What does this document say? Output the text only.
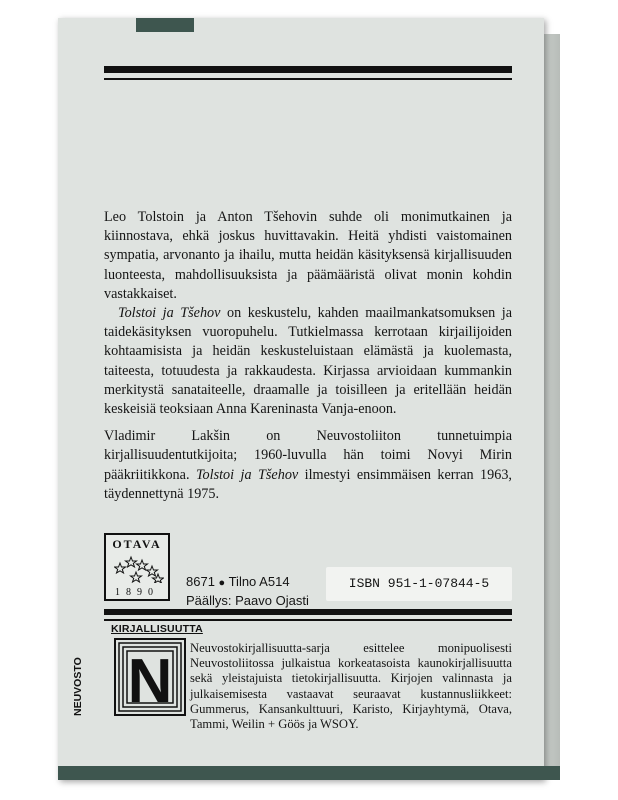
Leo Tolstoin ja Anton Tšehovin suhde oli monimutkainen ja kiinnostava, ehkä joskus huvittavakin. Heitä yhdisti vaistomainen sympatia, arvonanto ja ihailu, mutta heidän käsityksensä kirjallisuuden luonteesta, mahdollisuuksista ja päämääristä olivat monin kohdin vastakkaiset.

Tolstoi ja Tšehov on keskustelu, kahden maailmankatsomuksen ja taidekäsityksen vuoropuhelu. Tutkielmassa kerrotaan kirjailijoiden kohtaamisista ja heidän keskusteluistaan elämästä ja kuolemasta, taiteesta, totuudesta ja rakkaudesta. Kirjassa arvioidaan kummankin merkitystä sanataiteelle, draamalle ja toisilleen ja eritellään heidän keskeisiä teoksiaan Anna Kareninasta Vanja-enoon.

Vladimir Lakšin on Neuvostoliiton tunnetuimpia kirjallisuudentutkijoita; 1960-luvulla hän toimi Novyi Mirin pääkriitikkona. Tolstoi ja Tšehov ilmestyi ensimmäisen kerran 1963, täydennettynä 1975.

OTAVA
1890
8671 ● Tilno A514
Päällys: Paavo Ojasti
ISBN 951-1-07844-5
KIRJALLISUUTTA
NEUVOSTO N Neuvostokirjallisuutta-sarja esittelee monipuolisesti Neuvostoliitossa julkaistua korkeatasoista kaunokirjallisuutta sekä yleistajuista tietokirjallisuutta. Kirjojen valinnasta ja julkaisemisesta vastaavat seuraavat kustannusliikkeet: Gummerus, Kansankulttuuri, Karisto, Kirjayhtymä, Otava, Tammi, Weilin + Göös ja WSOY.
